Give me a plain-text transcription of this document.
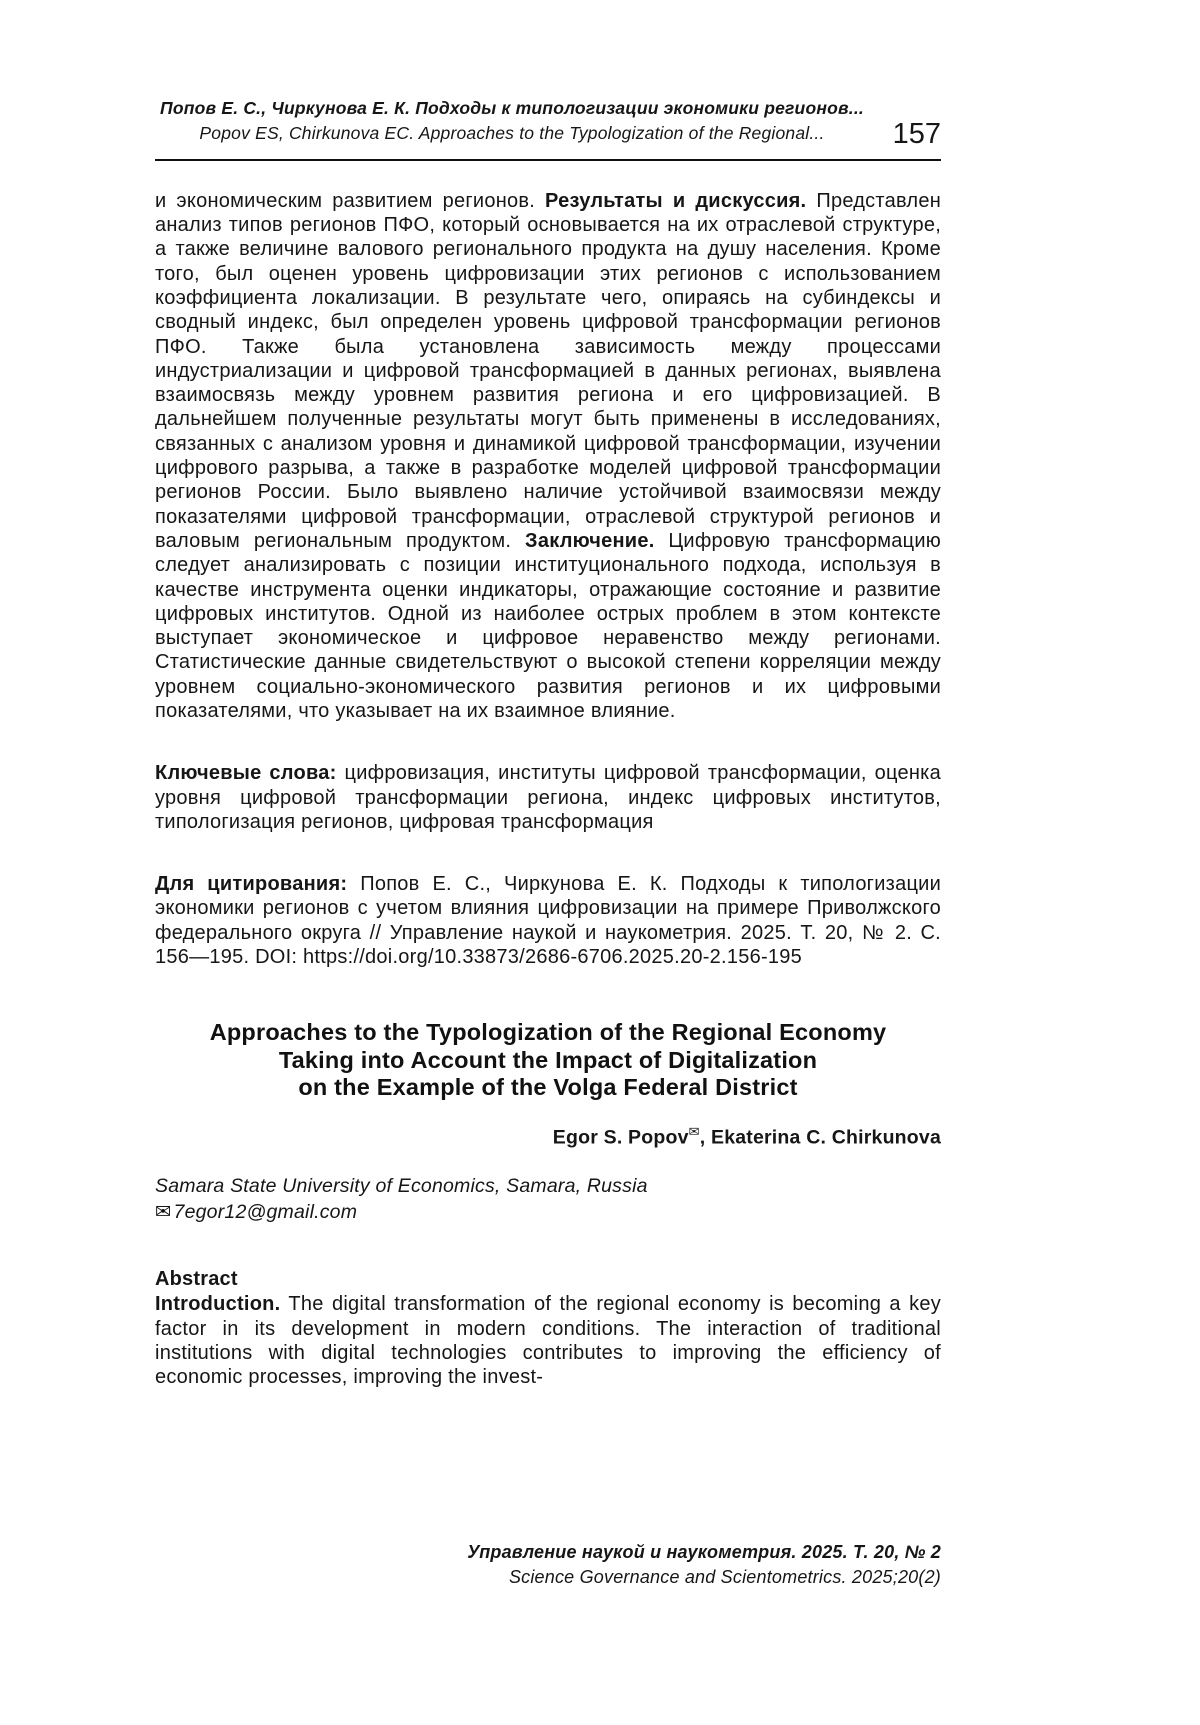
Попов Е. С., Чиркунова Е. К. Подходы к типологизации экономики регионов...
Popov ES, Chirkunova EC. Approaches to the Typologization of the Regional...	157

и экономическим развитием регионов. Результаты и дискуссия. Представлен анализ типов регионов ПФО, который основывается на их отраслевой структуре, а также величине валового регионального продукта на душу населения. Кроме того, был оценен уровень цифровизации этих регионов с использованием коэффициента локализации. В результате чего, опираясь на субиндексы и сводный индекс, был определен уровень цифровой трансформации регионов ПФО. Также была установлена зависимость между процессами индустриализации и цифровой трансформацией в данных регионах, выявлена взаимосвязь между уровнем развития региона и его цифровизацией. В дальнейшем полученные результаты могут быть применены в исследованиях, связанных с анализом уровня и динамикой цифровой трансформации, изучении цифрового разрыва, а также в разработке моделей цифровой трансформации регионов России. Было выявлено наличие устойчивой взаимосвязи между показателями цифровой трансформации, отраслевой структурой регионов и валовым региональным продуктом. Заключение. Цифровую трансформацию следует анализировать с позиции институционального подхода, используя в качестве инструмента оценки индикаторы, отражающие состояние и развитие цифровых институтов. Одной из наиболее острых проблем в этом контексте выступает экономическое и цифровое неравенство между регионами. Статистические данные свидетельствуют о высокой степени корреляции между уровнем социально-экономического развития регионов и их цифровыми показателями, что указывает на их взаимное влияние.

Ключевые слова: цифровизация, институты цифровой трансформации, оценка уровня цифровой трансформации региона, индекс цифровых институтов, типологизация регионов, цифровая трансформация

Для цитирования: Попов Е. С., Чиркунова Е. К. Подходы к типологизации экономики регионов с учетом влияния цифровизации на примере Приволжского федерального округа // Управление наукой и наукометрия. 2025. Т. 20, № 2. С. 156—195. DOI: https://doi.org/10.33873/2686-6706.2025.20-2.156-195

Approaches to the Typologization of the Regional Economy
Taking into Account the Impact of Digitalization
on the Example of the Volga Federal District

Egor S. Popov✉, Ekaterina C. Chirkunova

Samara State University of Economics, Samara, Russia

✉ 7egor12@gmail.com

Abstract

Introduction. The digital transformation of the regional economy is becoming a key factor in its development in modern conditions. The interaction of traditional institutions with digital technologies contributes to improving the efficiency of economic processes, improving the invest-

Управление наукой и наукометрия. 2025. Т. 20, № 2
Science Governance and Scientometrics. 2025;20(2)
